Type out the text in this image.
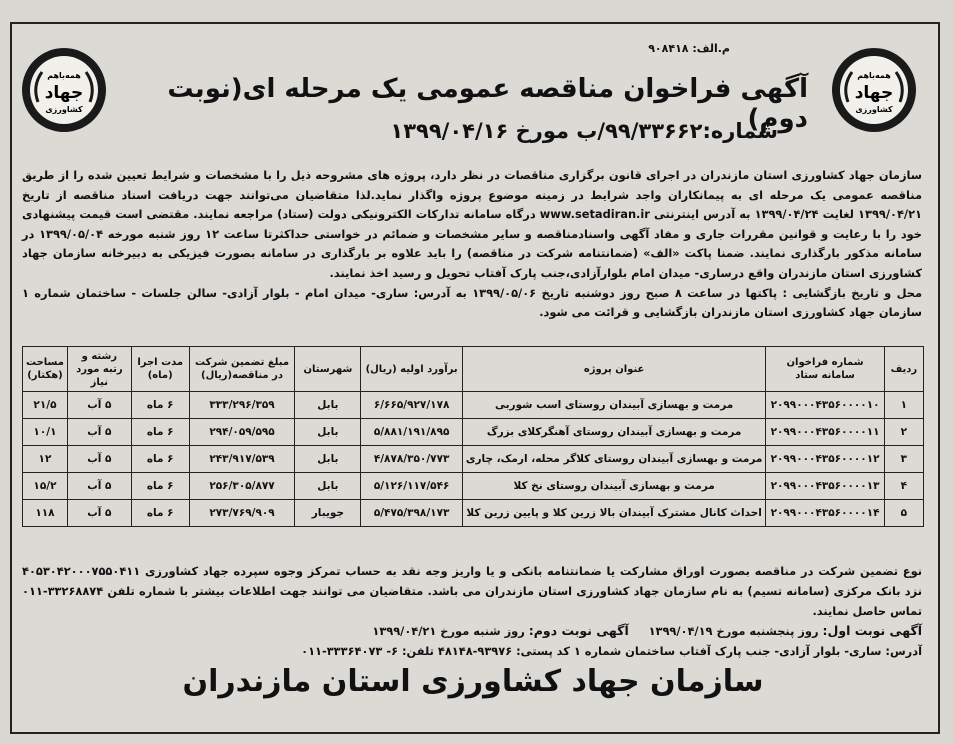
م.الف: ۹۰۸۴۱۸
همه‌باهم
جهاد
کشاورزی
همه‌باهم
جهاد
کشاورزی
آگهی فراخوان مناقصه عمومی یک مرحله ای(نوبت دوم)
شماره:۹۹/۳۳۶۶۲/ب مورخ ۱۳۹۹/۰۴/۱۶
سازمان جهاد کشاورزی استان مازندران در اجرای قانون برگزاری مناقصات در نظر دارد، پروژه های مشروحه ذیل را با مشخصات و شرایط تعیین شده را از طریق مناقصه عمومی یک مرحله ای به پیمانکاران واجد شرایط در زمینه موضوع پروژه واگذار نماید.لذا متقاضیان می‌توانند جهت دریافت اسناد مناقصه از تاریخ ۱۳۹۹/۰۴/۲۱ لغایت ۱۳۹۹/۰۴/۲۴ به آدرس اینترنتی www.setadiran.ir درگاه سامانه تدارکات الکترونیکی دولت (ستاد) مراجعه نمایند. مقتضی است قیمت پیشنهادی خود را با رعایت و قوانین مقررات جاری و مفاد آگهی واسنادمناقصه و سایر مشخصات و ضمائم در خواستی حداکثرتا ساعت ۱۲ روز شنبه مورخه ۱۳۹۹/۰۵/۰۴ در سامانه مذکور بارگذاری نمایند. ضمنا پاکت «الف» (ضمانتنامه شرکت در مناقصه) را باید علاوه بر بارگذاری در سامانه بصورت فیزیکی به دبیرخانه سازمان جهاد کشاورزی استان مازندران واقع درساری- میدان امام بلوارآزادی،جنب پارک آفتاب تحویل و رسید اخذ نمایند.
محل و تاریخ بازگشایی : پاکتها در ساعت ۸ صبح روز دوشنبه تاریخ ۱۳۹۹/۰۵/۰۶ به آدرس: ساری- میدان امام - بلوار آزادی- سالن جلسات - ساختمان شماره ۱ سازمان جهاد کشاورزی استان مازندران بازگشایی و قرائت می شود.
ردیف	شماره فراخوان سامانه ستاد	عنوان پروژه	برآورد اولیه (ریال)	شهرستان	مبلغ تضمین شرکت در مناقصه(ریال)	مدت اجرا (ماه)	رشته و رتبه مورد نیاز	مساحت (هکتار)
۱	۲۰۹۹۰۰۰۴۳۵۶۰۰۰۰۱۰	مرمت و بهسازی آبیندان روستای اسب شوربی	۶/۶۶۵/۹۲۷/۱۷۸	بابل	۳۳۳/۲۹۶/۳۵۹	۶ ماه	۵ آب	۲۱/۵
۲	۲۰۹۹۰۰۰۴۳۵۶۰۰۰۰۱۱	مرمت و بهسازی آبیندان روستای آهنگرکلای بزرگ	۵/۸۸۱/۱۹۱/۸۹۵	بابل	۲۹۴/۰۵۹/۵۹۵	۶ ماه	۵ آب	۱۰/۱
۳	۲۰۹۹۰۰۰۴۳۵۶۰۰۰۰۱۲	مرمت و بهسازی آبیندان روستای کلاگر محله، ارمک، چاری	۴/۸۷۸/۳۵۰/۷۷۳	بابل	۲۴۳/۹۱۷/۵۳۹	۶ ماه	۵ آب	۱۲
۴	۲۰۹۹۰۰۰۴۳۵۶۰۰۰۰۱۳	مرمت و بهسازی آبیندان روستای نخ کلا	۵/۱۲۶/۱۱۷/۵۴۶	بابل	۲۵۶/۳۰۵/۸۷۷	۶ ماه	۵ آب	۱۵/۲
۵	۲۰۹۹۰۰۰۴۳۵۶۰۰۰۰۱۴	احداث کانال مشترک آبیندان بالا زرین کلا و پایین زرین کلا	۵/۴۷۵/۳۹۸/۱۷۳	جویبار	۲۷۳/۷۶۹/۹۰۹	۶ ماه	۵ آب	۱۱۸
نوع تضمین شرکت در مناقصه بصورت اوراق مشارکت یا ضمانتنامه بانکی و یا واریز وجه نقد به حساب تمرکز وجوه سپرده جهاد کشاورزی ۴۰۵۳۰۴۲۰۰۰۷۵۵۰۴۱۱ نزد بانک مرکزی (سامانه تسیم) به نام سازمان جهاد کشاورزی استان مازندران می باشد. متقاضیان می توانند جهت اطلاعات بیشتر با شماره تلفن ۳۳۲۶۸۸۷۴-۰۱۱ تماس حاصل نمایند.
آگهی نوبت اول: روز پنجشنبه مورخ ۱۳۹۹/۰۴/۱۹     آگهی نوبت دوم: روز شنبه مورخ ۱۳۹۹/۰۴/۲۱
آدرس: ساری- بلوار آزادی- جنب پارک آفتاب ساختمان شماره ۱ کد پستی: ۹۳۹۷۶-۴۸۱۴۸ تلفن: ۶- ۳۳۳۶۴۰۷۳-۰۱۱
سازمان جهاد کشاورزی استان مازندران
